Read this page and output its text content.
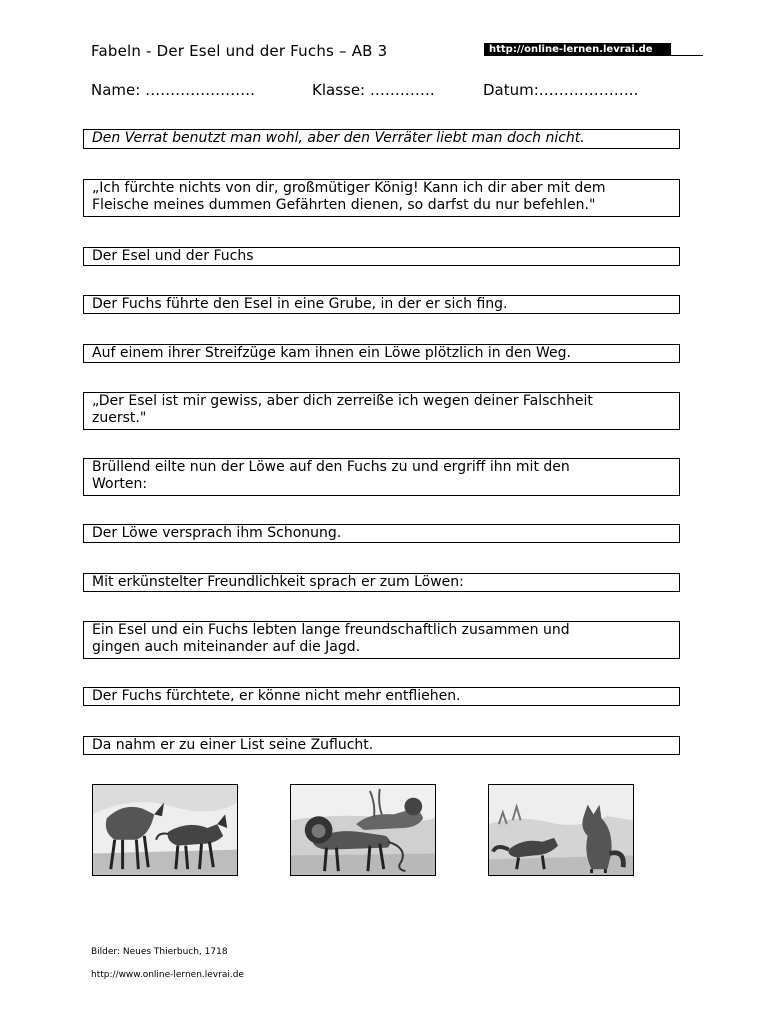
Fabeln - Der Esel und der Fuchs – AB 3	http://online-lernen.levrai.de
Name: ………………….	Klasse: ………….	Datum:………………..
Den Verrat benutzt man wohl, aber den Verräter liebt man doch nicht.
„Ich fürchte nichts von dir, großmütiger König! Kann ich dir aber mit dem
Fleische meines dummen Gefährten dienen, so darfst du nur befehlen."
Der Esel und der Fuchs
Der Fuchs führte den Esel in eine Grube, in der er sich fing.
Auf einem ihrer Streifzüge kam ihnen ein Löwe plötzlich in den Weg.
„Der Esel ist mir gewiss, aber dich zerreiße ich wegen deiner Falschheit
zuerst."
Brüllend eilte nun der Löwe auf den Fuchs zu und ergriff ihn mit den
Worten:
Der Löwe versprach ihm Schonung.
Mit erkünstelter Freundlichkeit sprach er zum Löwen:
Ein Esel und ein Fuchs lebten lange freundschaftlich zusammen und
gingen auch miteinander auf die Jagd.
Der Fuchs fürchtete, er könne nicht mehr entfliehen.
Da nahm er zu einer List seine Zuflucht.
Bilder: Neues Thierbuch, 1718
http://www.online-lernen.levrai.de
